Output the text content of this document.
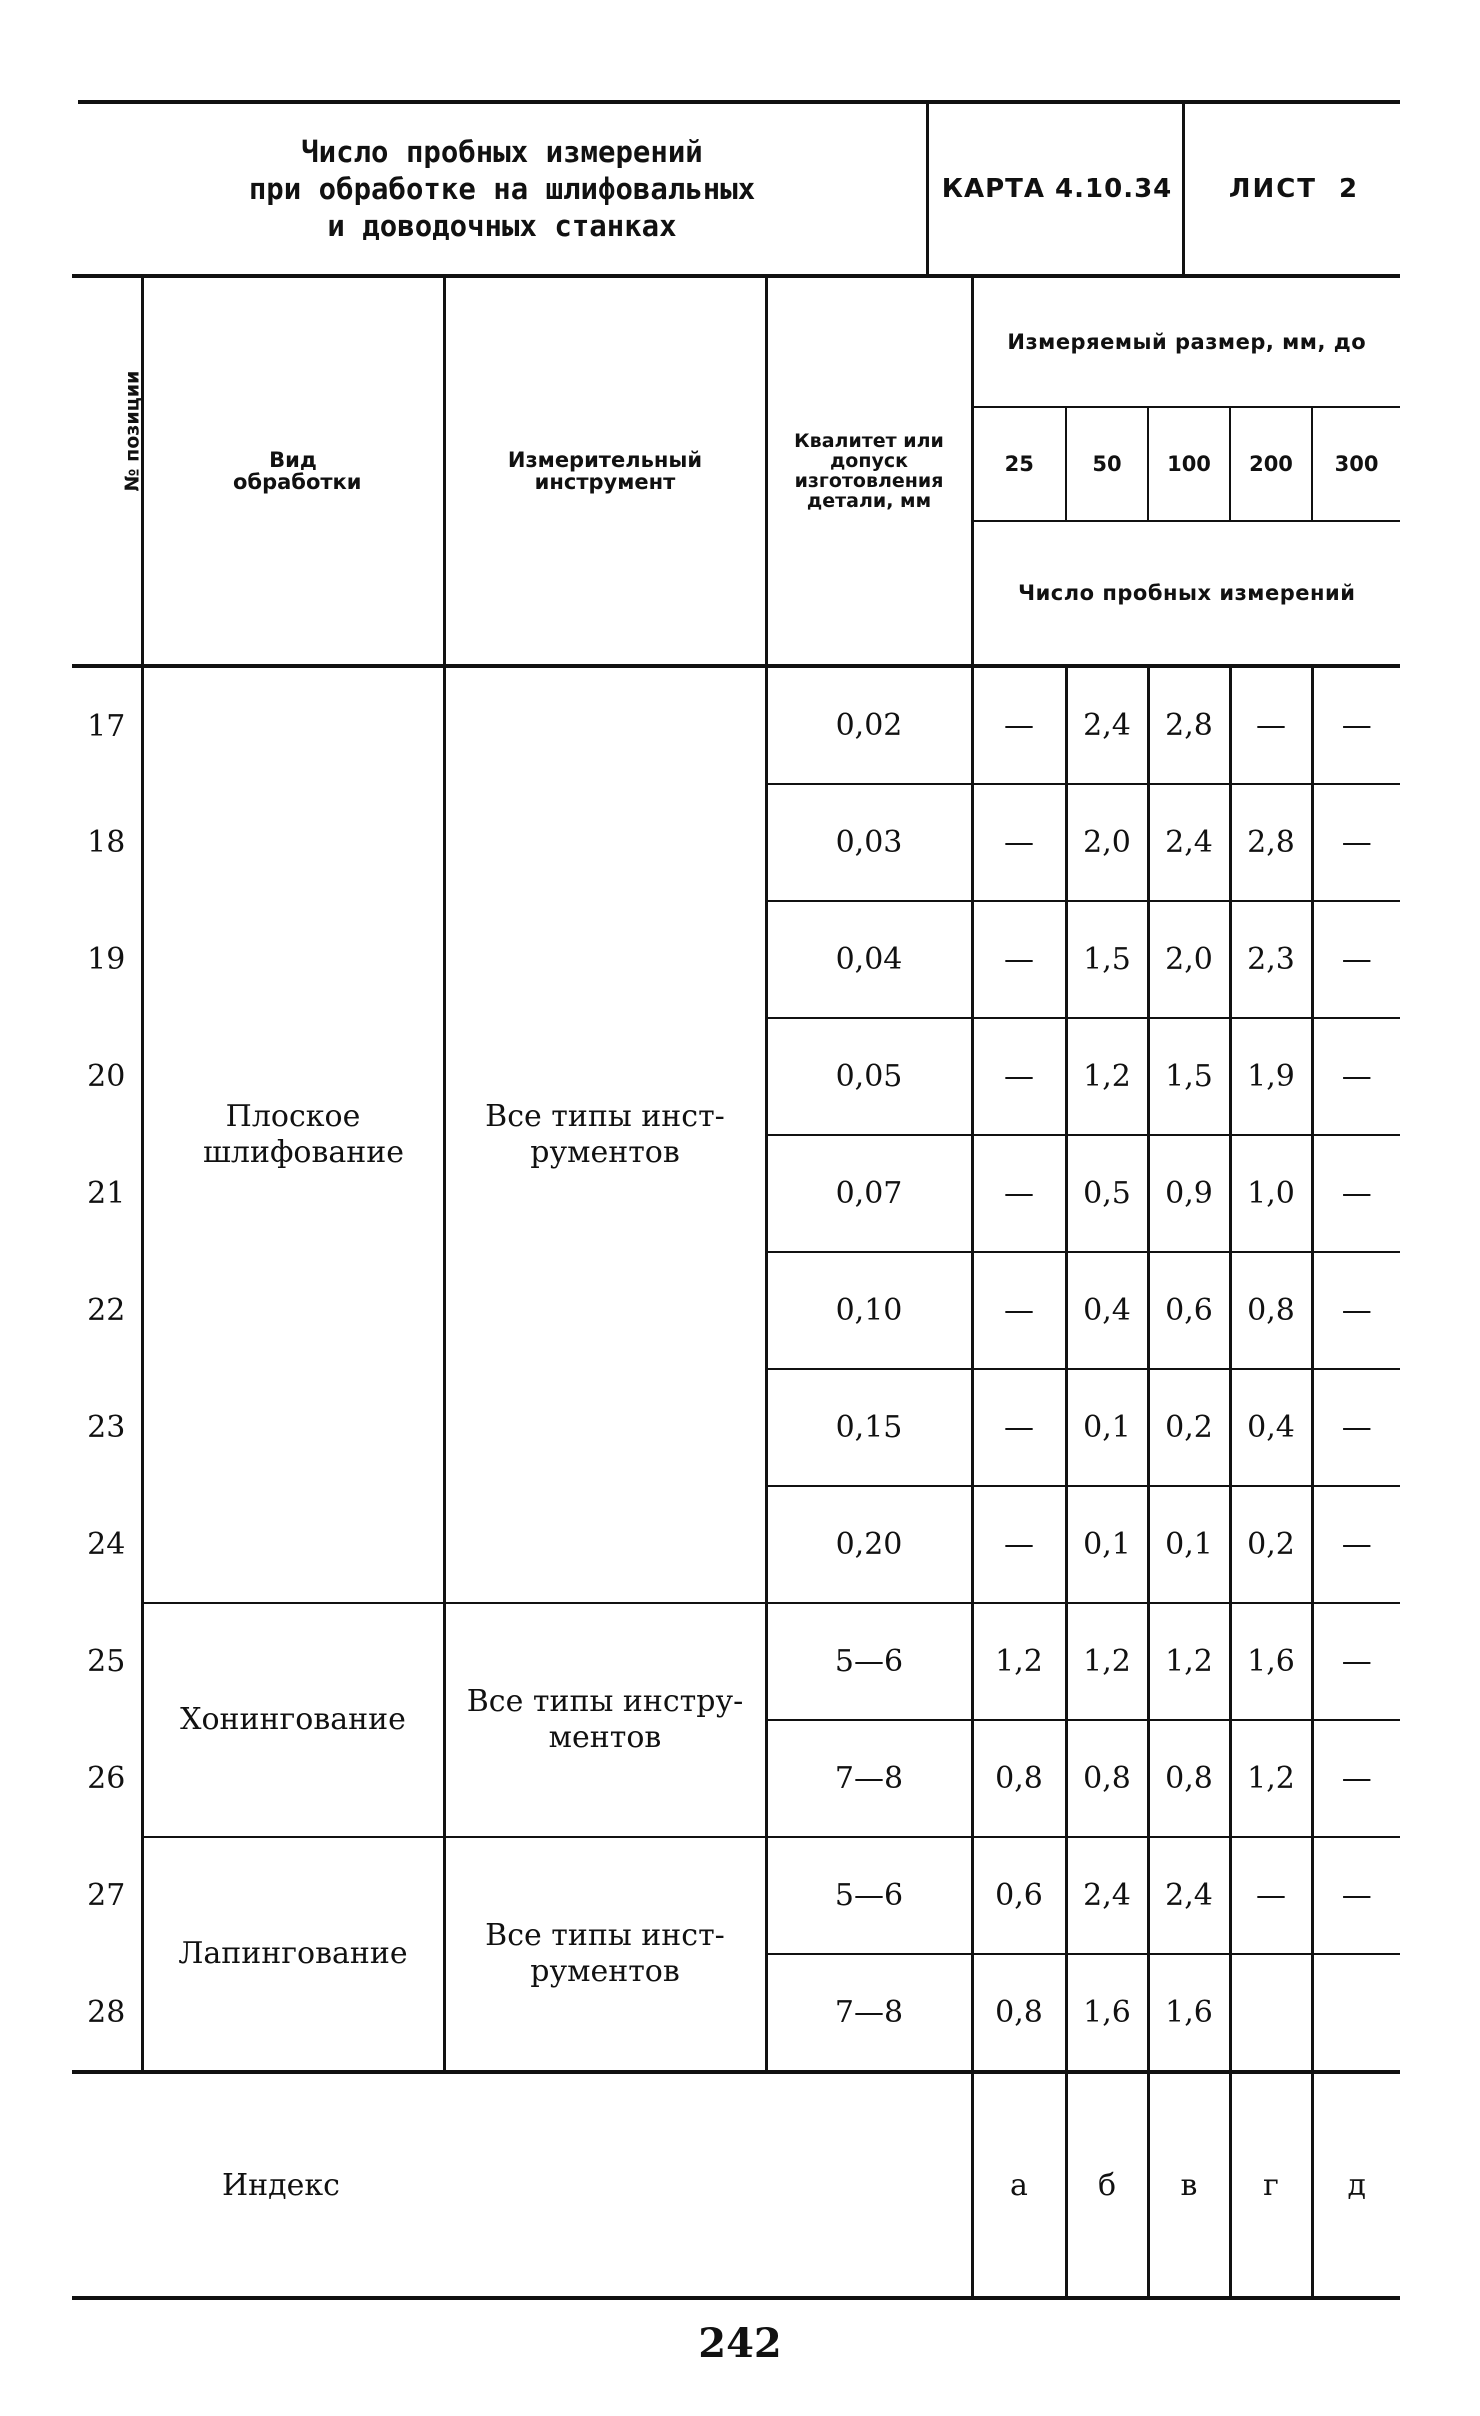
Число пробных измерений
при обработке на шлифовальных
и доводочных станках
КАРТА 4.10.34	ЛИСТ 2
№ позиции	Вид обработки	Измерительный инструмент	Квалитет или допуск изготовления детали, мм	Измеряемый размер, мм, до				
				25	50	100	200	300
				Число пробных измерений				
17	Плоское шлифование	Все типы инст-рументов	0,02	—	2,4	2,8	—	—
18			0,03	—	2,0	2,4	2,8	—
19			0,04	—	1,5	2,0	2,3	—
20			0,05	—	1,2	1,5	1,9	—
21			0,07	—	0,5	0,9	1,0	—
22			0,10	—	0,4	0,6	0,8	—
23			0,15	—	0,1	0,2	0,4	—
24			0,20	—	0,1	0,1	0,2	—
25	Хонингование	Все типы инстру-ментов	5—6	1,2	1,2	1,2	1,6	—
26			7—8	0,8	0,8	0,8	1,2	—
27	Лапингование	Все типы инст-рументов	5—6	0,6	2,4	2,4	—	—
28			7—8	0,8	1,6	1,6		
Индекс				а	б	в	г	д
242
